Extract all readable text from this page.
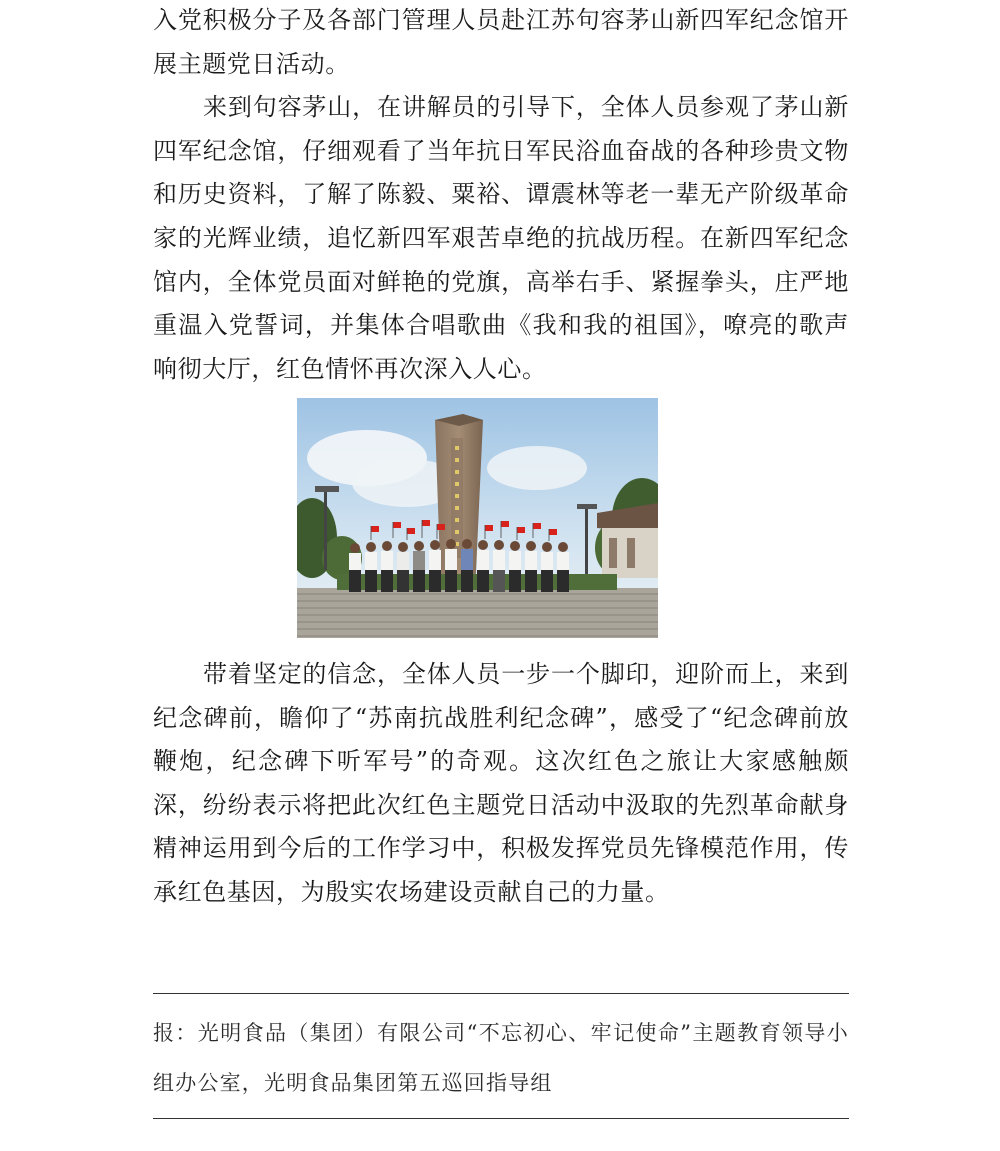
入党积极分子及各部门管理人员赴江苏句容茅山新四军纪念馆开展主题党日活动。

来到句容茅山，在讲解员的引导下，全体人员参观了茅山新四军纪念馆，仔细观看了当年抗日军民浴血奋战的各种珍贵文物和历史资料，了解了陈毅、粟裕、谭震林等老一辈无产阶级革命家的光辉业绩，追忆新四军艰苦卓绝的抗战历程。在新四军纪念馆内，全体党员面对鲜艳的党旗，高举右手、紧握拳头，庄严地重温入党誓词，并集体合唱歌曲《我和我的祖国》，嘹亮的歌声响彻大厅，红色情怀再次深入人心。

带着坚定的信念，全体人员一步一个脚印，迎阶而上，来到纪念碑前，瞻仰了“苏南抗战胜利纪念碑”，感受了“纪念碑前放鞭炮，纪念碑下听军号”的奇观。这次红色之旅让大家感触颇深，纷纷表示将把此次红色主题党日活动中汲取的先烈革命献身精神运用到今后的工作学习中，积极发挥党员先锋模范作用，传承红色基因，为殷实农场建设贡献自己的力量。

报：光明食品（集团）有限公司“不忘初心、牢记使命”主题教育领导小组办公室，光明食品集团第五巡回指导组
